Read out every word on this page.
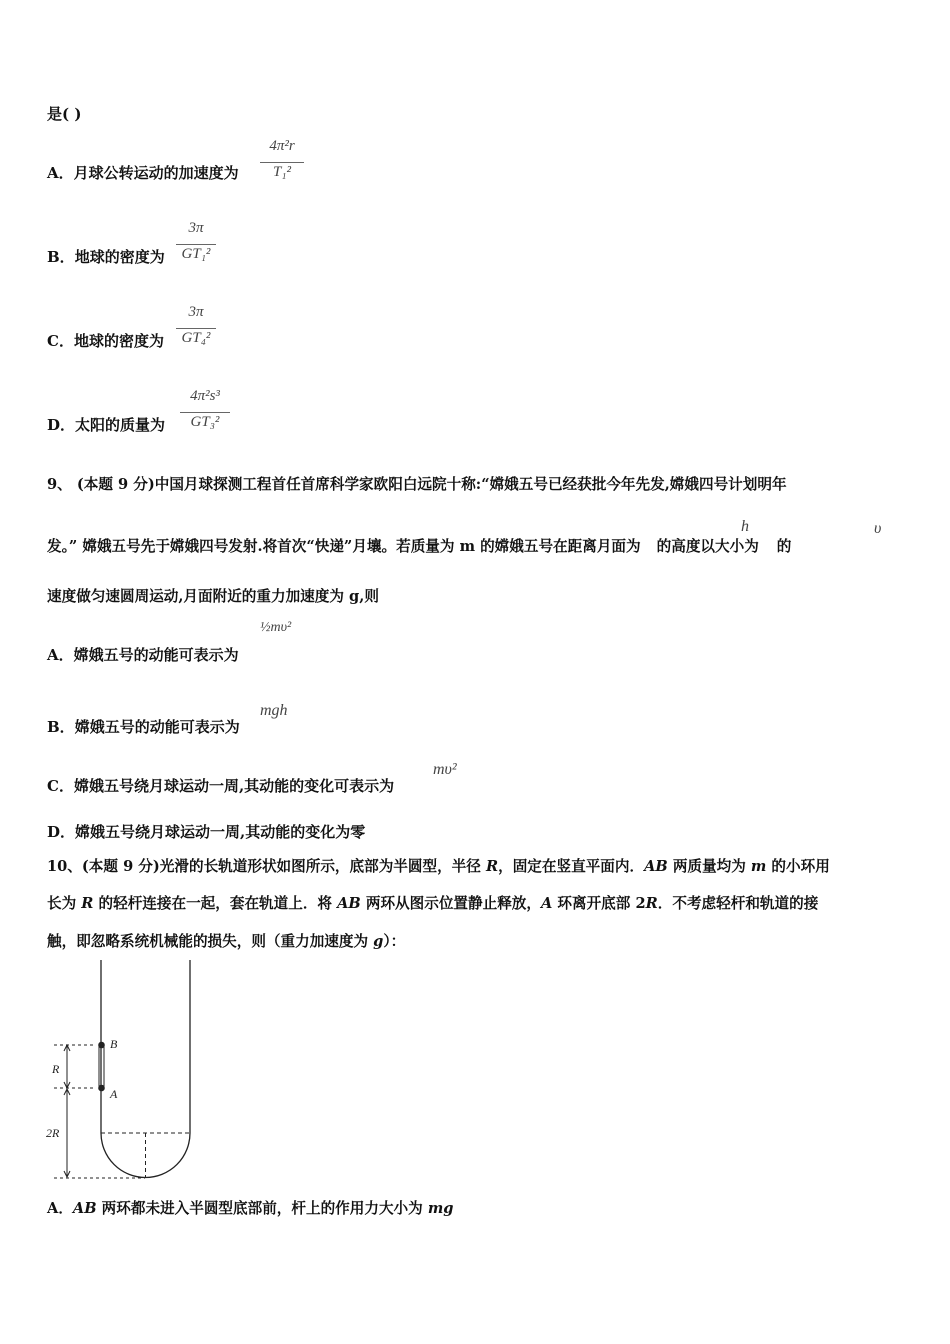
是( )
A．月球公转运动的加速度为
4π²r
T₁²
B．地球的密度为
3π
GT₁²
C．地球的密度为
3π
GT₄²
D．太阳的质量为
4π²s³
GT₃²
9、 (本题 9 分)中国月球探测工程首任首席科学家欧阳白远院十称:“嫦娥五号已经获批今年先发,嫦娥四号计划明年
发。” 嫦娥五号先于嫦娥四号发射.将首次“快递”月壤。若质量为 m 的嫦娥五号在距离月面为 的高度以大小为 的
h	υ
速度做匀速圆周运动,月面附近的重力加速度为 g,则
A．嫦娥五号的动能可表示为
½mυ²
B．嫦娥五号的动能可表示为
mgh
C．嫦娥五号绕月球运动一周,其动能的变化可表示为
mυ²
D．嫦娥五号绕月球运动一周,其动能的变化为零
10、(本题 9 分)光滑的长轨道形状如图所示，底部为半圆型，半径 R，固定在竖直平面内．AB 两质量均为 m 的小环用
长为 R 的轻杆连接在一起，套在轨道上．将 AB 两环从图示位置静止释放，A 环离开底部 2R．不考虑轻杆和轨道的接
触，即忽略系统机械能的损失，则（重力加速度为 g）：
B
A
R
2R
A．AB 两环都未进入半圆型底部前，杆上的作用力大小为 mg
